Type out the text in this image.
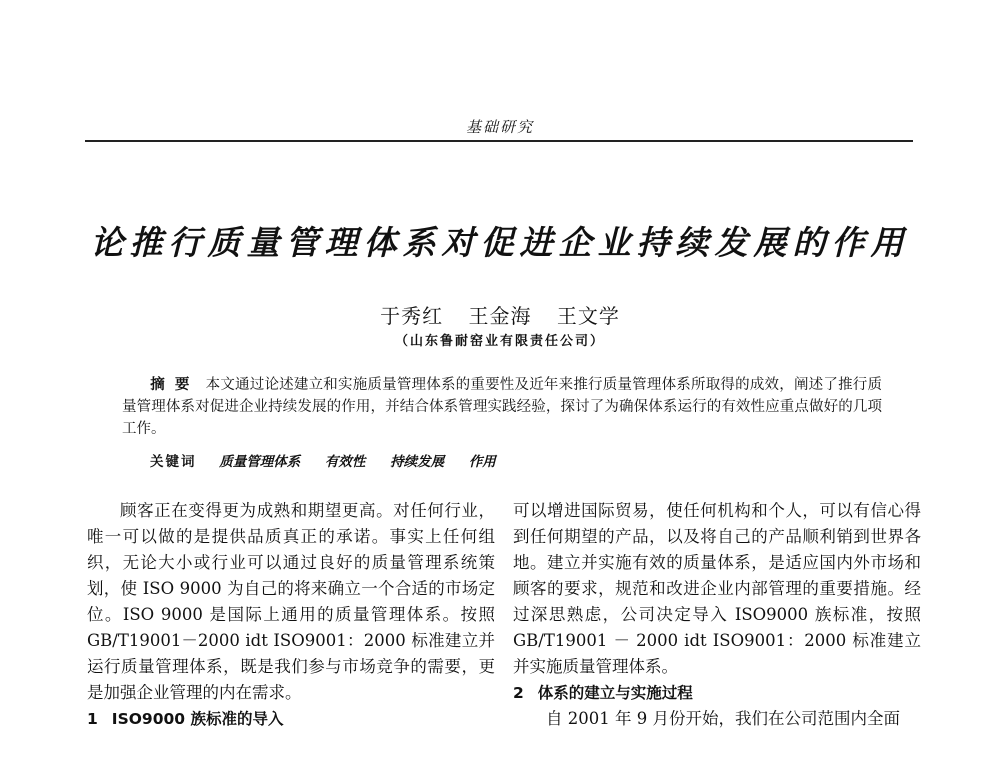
基础研究
论推行质量管理体系对促进企业持续发展的作用
于秀红 王金海 王文学
（山东鲁耐窑业有限责任公司）
摘要 本文通过论述建立和实施质量管理体系的重要性及近年来推行质量管理体系所取得的成效，阐述了推行质量管理体系对促进企业持续发展的作用，并结合体系管理实践经验，探讨了为确保体系运行的有效性应重点做好的几项工作。
关键词 质量管理体系 有效性 持续发展 作用

顾客正在变得更为成熟和期望更高。对任何行业，唯一可以做的是提供品质真正的承诺。事实上任何组织，无论大小或行业可以通过良好的质量管理系统策划，使 ISO 9000 为自己的将来确立一个合适的市场定位。ISO 9000 是国际上通用的质量管理体系。按照 GB/T19001－2000 idt ISO9001：2000 标准建立并运行质量管理体系，既是我们参与市场竞争的需要，更是加强企业管理的内在需求。

1 ISO9000 族标准的导入

可以增进国际贸易，使任何机构和个人，可以有信心得到任何期望的产品，以及将自己的产品顺利销到世界各地。建立并实施有效的质量体系，是适应国内外市场和顾客的要求，规范和改进企业内部管理的重要措施。经过深思熟虑，公司决定导入 ISO9000 族标准，按照 GB/T19001 － 2000 idt ISO9001：2000 标准建立并实施质量管理体系。

2 体系的建立与实施过程

自 2001 年 9 月份开始，我们在公司范围内全面
